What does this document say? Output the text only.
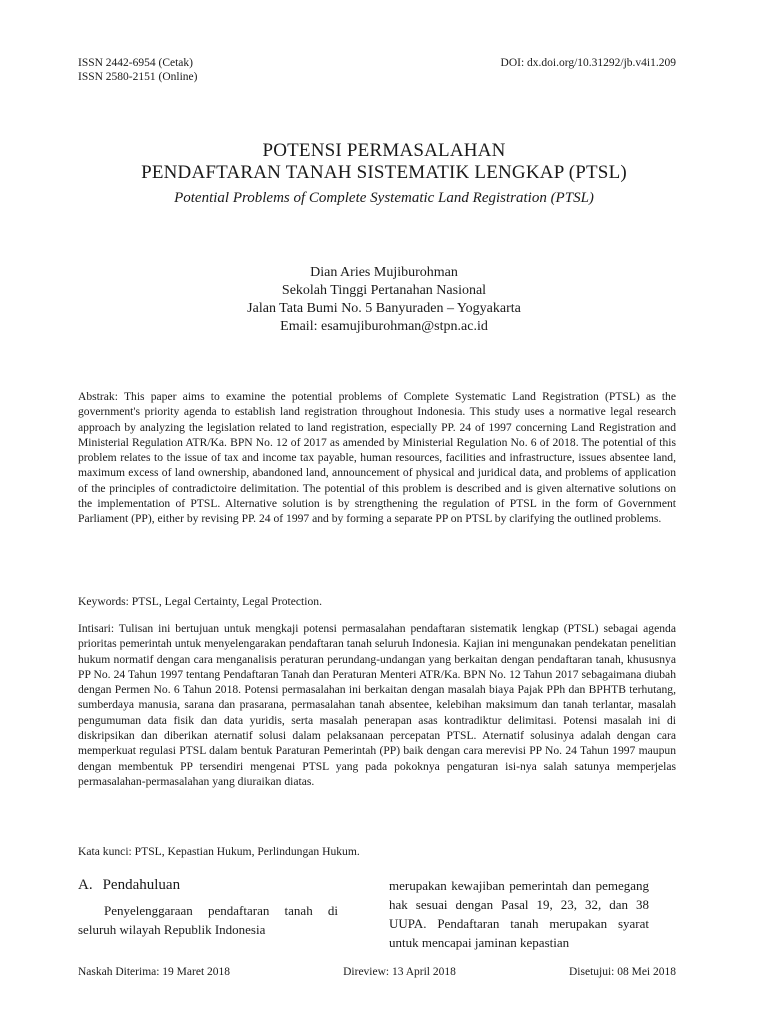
ISSN 2442-6954 (Cetak)
ISSN 2580-2151 (Online)
DOI: dx.doi.org/10.31292/jb.v4i1.209
POTENSI PERMASALAHAN
PENDAFTARAN TANAH SISTEMATIK LENGKAP (PTSL)
Potential Problems of Complete Systematic Land Registration (PTSL)
Dian Aries Mujiburohman
Sekolah Tinggi Pertanahan Nasional
Jalan Tata Bumi No. 5 Banyuraden – Yogyakarta
Email: esamujiburohman@stpn.ac.id
Abstrak: This paper aims to examine the potential problems of Complete Systematic Land Registration (PTSL) as the government's priority agenda to establish land registration throughout Indonesia. This study uses a normative legal research approach by analyzing the legislation related to land registration, especially PP. 24 of 1997 concerning Land Registration and Ministerial Regulation ATR/Ka. BPN No. 12 of 2017 as amended by Ministerial Regulation No. 6 of 2018. The potential of this problem relates to the issue of tax and income tax payable, human resources, facilities and infrastructure, issues absentee land, maximum excess of land ownership, abandoned land, announcement of physical and juridical data, and problems of application of the principles of contradictoire delimitation. The potential of this problem is described and is given alternative solutions on the implementation of PTSL. Alternative solution is by strengthening the regulation of PTSL in the form of Government Parliament (PP), either by revising PP. 24 of 1997 and by forming a separate PP on PTSL by clarifying the outlined problems.
Keywords: PTSL, Legal Certainty, Legal Protection.
Intisari: Tulisan ini bertujuan untuk mengkaji potensi permasalahan pendaftaran sistematik lengkap (PTSL) sebagai agenda prioritas pemerintah untuk menyelengarakan pendaftaran tanah seluruh Indonesia. Kajian ini mengunakan pendekatan penelitian hukum normatif dengan cara menganalisis peraturan perundang-undangan yang berkaitan dengan pendaftaran tanah, khususnya PP No. 24 Tahun 1997 tentang Pendaftaran Tanah dan Peraturan Menteri ATR/Ka. BPN No. 12 Tahun 2017 sebagaimana diubah dengan Permen No. 6 Tahun 2018. Potensi permasalahan ini berkaitan dengan masalah biaya Pajak PPh dan BPHTB terhutang, sumberdaya manusia, sarana dan prasarana, permasalahan tanah absentee, kelebihan maksimum dan tanah terlantar, masalah pengumuman data fisik dan data yuridis, serta masalah penerapan asas kontradiktur delimitasi. Potensi masalah ini di diskripsikan dan diberikan aternatif solusi dalam pelaksanaan percepatan PTSL. Aternatif solusinya adalah dengan cara memperkuat regulasi PTSL dalam bentuk Paraturan Pemerintah (PP) baik dengan cara merevisi PP No. 24 Tahun 1997 maupun dengan membentuk PP tersendiri mengenai PTSL yang pada pokoknya pengaturan isi-nya salah satunya memperjelas permasalahan-permasalahan yang diuraikan diatas.
Kata kunci: PTSL, Kepastian Hukum, Perlindungan Hukum.
A. Pendahuluan
Penyelenggaraan pendaftaran tanah di seluruh wilayah Republik Indonesia
merupakan kewajiban pemerintah dan pemegang hak sesuai dengan Pasal 19, 23, 32, dan 38 UUPA. Pendaftaran tanah merupakan syarat untuk mencapai jaminan kepastian
Naskah Diterima: 19 Maret 2018	Direview: 13 April 2018	Disetujui: 08 Mei 2018
